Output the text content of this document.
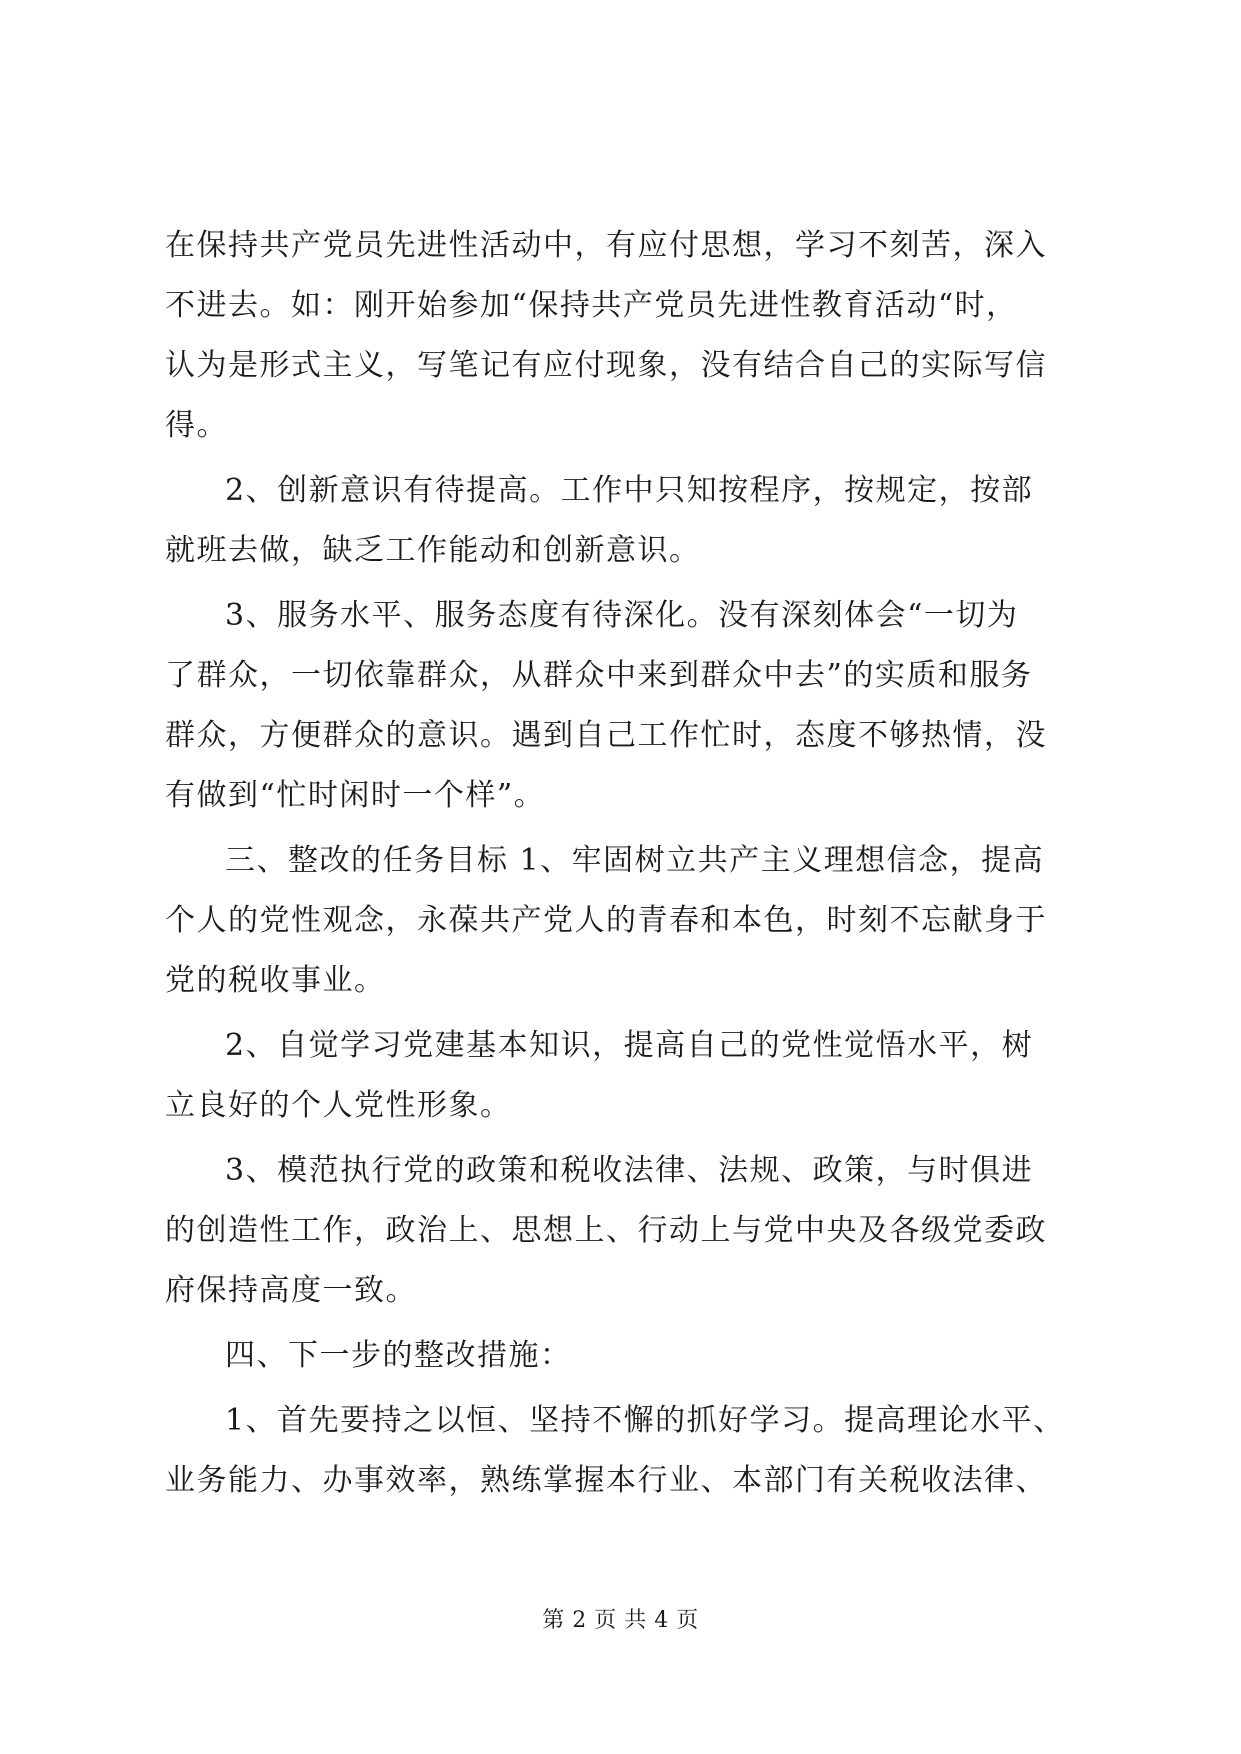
在保持共产党员先进性活动中，有应付思想，学习不刻苦，深入
不进去。如：刚开始参加“保持共产党员先进性教育活动“时，
认为是形式主义，写笔记有应付现象，没有结合自己的实际写信
得。
2、创新意识有待提高。工作中只知按程序，按规定，按部
就班去做，缺乏工作能动和创新意识。
3、服务水平、服务态度有待深化。没有深刻体会“一切为
了群众，一切依靠群众，从群众中来到群众中去”的实质和服务
群众，方便群众的意识。遇到自己工作忙时，态度不够热情，没
有做到“忙时闲时一个样”。
三、整改的任务目标 1、牢固树立共产主义理想信念，提高
个人的党性观念，永葆共产党人的青春和本色，时刻不忘献身于
党的税收事业。
2、自觉学习党建基本知识，提高自己的党性觉悟水平，树
立良好的个人党性形象。
3、模范执行党的政策和税收法律、法规、政策，与时俱进
的创造性工作，政治上、思想上、行动上与党中央及各级党委政
府保持高度一致。
四、下一步的整改措施：
1、首先要持之以恒、坚持不懈的抓好学习。提高理论水平、
业务能力、办事效率，熟练掌握本行业、本部门有关税收法律、
第 2 页 共 4 页
